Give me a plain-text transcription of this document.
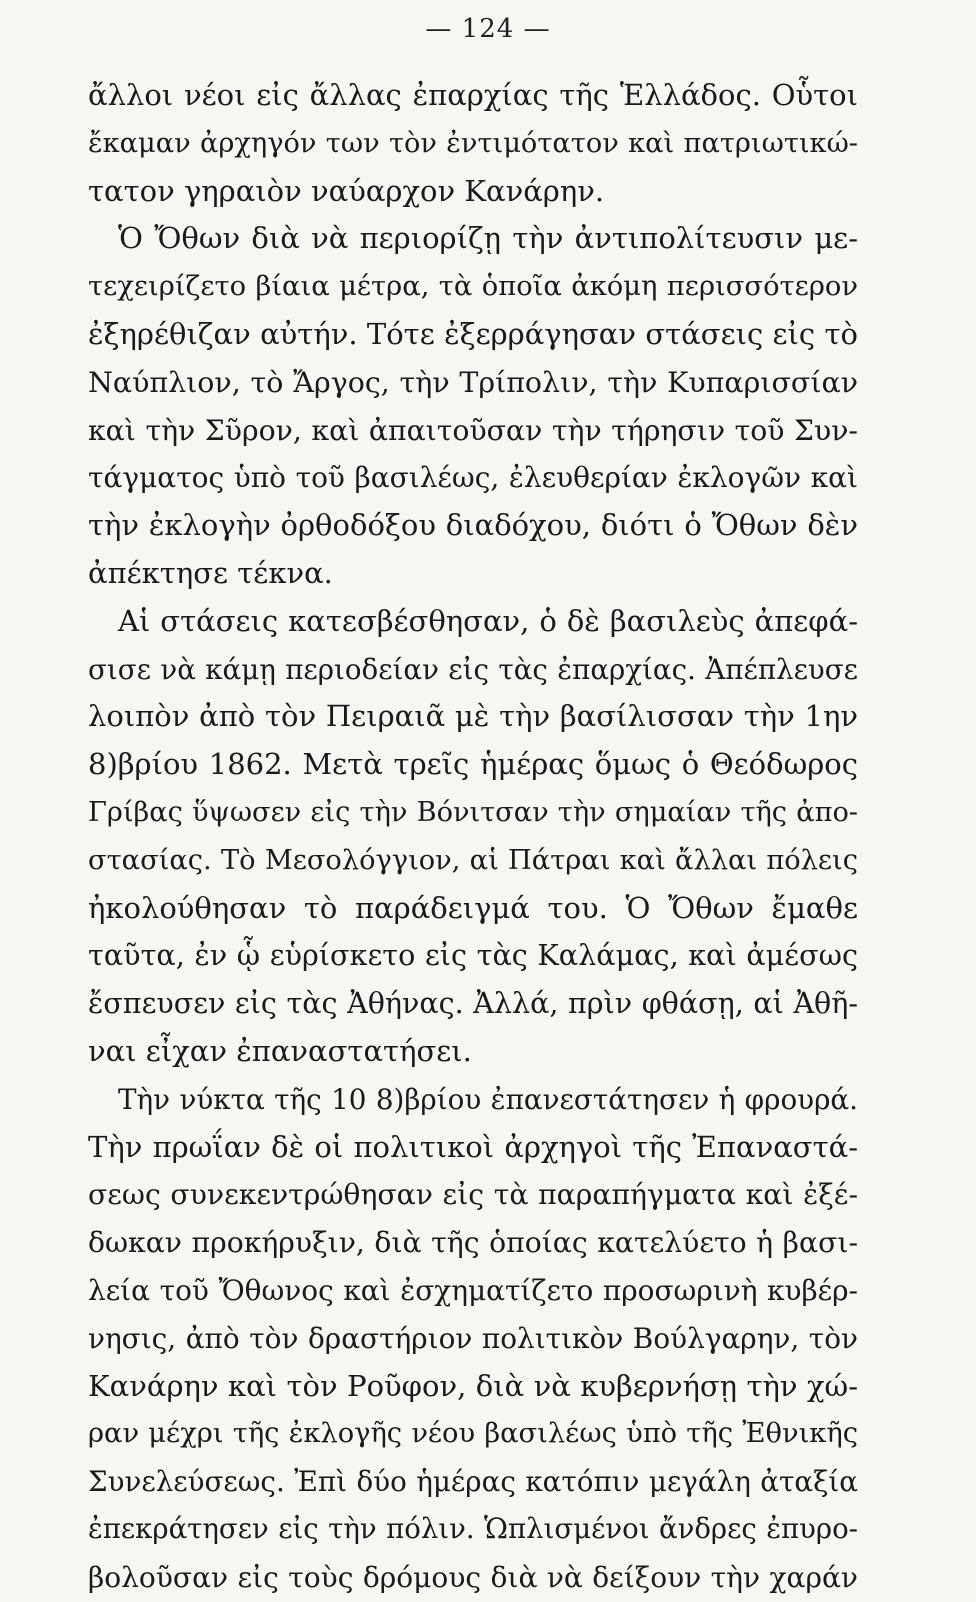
— 124 —
ἄλλοι νέοι εἰς ἄλλας ἐπαρχίας τῆς Ἑλλάδος. Οὗτοι
ἔκαμαν ἀρχηγόν των τὸν ἐντιμότατον καὶ πατριωτικώ-
τατον γηραιὸν ναύαρχον Κανάρην.
Ὁ Ὄθων διὰ νὰ περιορίζῃ τὴν ἀντιπολίτευσιν με-
τεχειρίζετο βίαια μέτρα, τὰ ὁποῖα ἀκόμη περισσότερον
ἐξηρέθιζαν αὐτήν. Τότε ἐξερράγησαν στάσεις εἰς τὸ
Ναύπλιον, τὸ Ἄργος, τὴν Τρίπολιν, τὴν Κυπαρισσίαν
καὶ τὴν Σῦρον, καὶ ἀπαιτοῦσαν τὴν τήρησιν τοῦ Συν-
τάγματος ὑπὸ τοῦ βασιλέως, ἐλευθερίαν ἐκλογῶν καὶ
τὴν ἐκλογὴν ὀρθοδόξου διαδόχου, διότι ὁ Ὄθων δὲν
ἀπέκτησε τέκνα.
Αἱ στάσεις κατεσβέσθησαν, ὁ δὲ βασιλεὺς ἀπεφά-
σισε νὰ κάμῃ περιοδείαν εἰς τὰς ἐπαρχίας. Ἀπέπλευσε
λοιπὸν ἀπὸ τὸν Πειραιᾶ μὲ τὴν βασίλισσαν τὴν 1ην
8)βρίου 1862. Μετὰ τρεῖς ἡμέρας ὅμως ὁ Θεόδωρος
Γρίβας ὕψωσεν εἰς τὴν Βόνιτσαν τὴν σημαίαν τῆς ἀπο-
στασίας. Τὸ Μεσολόγγιον, αἱ Πάτραι καὶ ἄλλαι πόλεις
ἠκολούθησαν τὸ παράδειγμά του. Ὁ Ὄθων ἔμαθε
ταῦτα, ἐν ᾧ εὑρίσκετο εἰς τὰς Καλάμας, καὶ ἀμέσως
ἔσπευσεν εἰς τὰς Ἀθήνας. Ἀλλά, πρὶν φθάσῃ, αἱ Ἀθῆ-
ναι εἶχαν ἐπαναστατήσει.
Τὴν νύκτα τῆς 10 8)βρίου ἐπανεστάτησεν ἡ φρουρά.
Τὴν πρωΐαν δὲ οἱ πολιτικοὶ ἀρχηγοὶ τῆς Ἐπαναστά-
σεως συνεκεντρώθησαν εἰς τὰ παραπήγματα καὶ ἐξέ-
δωκαν προκήρυξιν, διὰ τῆς ὁποίας κατελύετο ἡ βασι-
λεία τοῦ Ὄθωνος καὶ ἐσχηματίζετο προσωρινὴ κυβέρ-
νησις, ἀπὸ τὸν δραστήριον πολιτικὸν Βούλγαρην, τὸν
Κανάρην καὶ τὸν Ροῦφον, διὰ νὰ κυβερνήσῃ τὴν χώ-
ραν μέχρι τῆς ἐκλογῆς νέου βασιλέως ὑπὸ τῆς Ἐθνικῆς
Συνελεύσεως. Ἐπὶ δύο ἡμέρας κατόπιν μεγάλη ἀταξία
ἐπεκράτησεν εἰς τὴν πόλιν. Ὡπλισμένοι ἄνδρες ἐπυρο-
βολοῦσαν εἰς τοὺς δρόμους διὰ νὰ δείξουν τὴν χαράν
